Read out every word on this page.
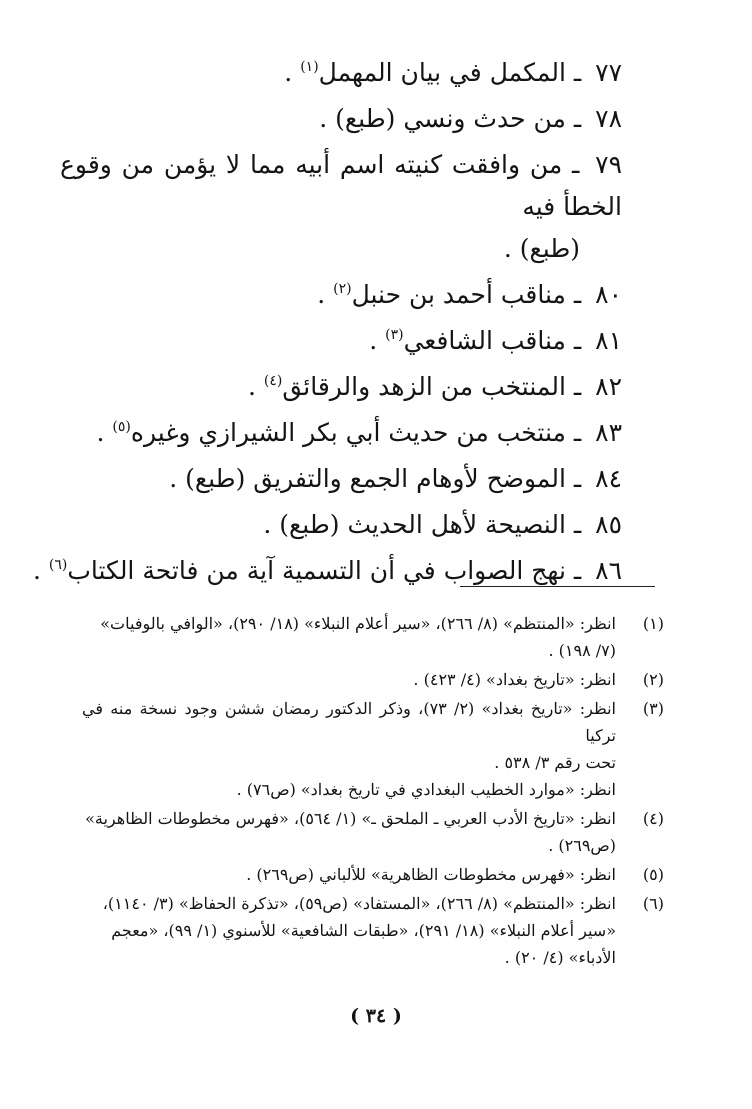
٧٧ ـ المكمل في بيان المهمل$^{(١)}$ .
٧٨ ـ من حدث ونسي (طبع) .
٧٩ ـ من وافقت كنيته اسم أبيه مما لا يؤمن من وقوع الخطأ فيه
(طبع) .
٨٠ ـ مناقب أحمد بن حنبل$^{(٢)}$ .
٨١ ـ مناقب الشافعي$^{(٣)}$ .
٨٢ ـ المنتخب من الزهد والرقائق$^{(٤)}$ .
٨٣ ـ منتخب من حديث أبي بكر الشيرازي وغيره$^{(٥)}$ .
٨٤ ـ الموضح لأوهام الجمع والتفريق (طبع) .
٨٥ ـ النصيحة لأهل الحديث (طبع) .
٨٦ ـ نهج الصواب في أن التسمية آية من فاتحة الكتاب$^{(٦)}$ .
(١)
انظر: «المنتظم» (٨/ ٢٦٦)، «سير أعلام النبلاء» (١٨/ ٢٩٠)، «الوافي بالوفيات»
(٧/ ١٩٨) .
(٢)
انظر: «تاريخ بغداد» (٤/ ٤٢٣) .
(٣)
انظر: «تاريخ بغداد» (٢/ ٧٣)، وذكر الدكتور رمضان ششن وجود نسخة منه في تركيا
تحت رقم ٣/ ٥٣٨ .
انظر: «موارد الخطيب البغدادي في تاريخ بغداد» (ص٧٦) .
(٤)
انظر: «تاريخ الأدب العربي ـ الملحق ـ» (١/ ٥٦٤)، «فهرس مخطوطات الظاهرية»
(ص٢٦٩) .
(٥)
انظر: «فهرس مخطوطات الظاهرية» للألباني (ص٢٦٩) .
(٦)
انظر: «المنتظم» (٨/ ٢٦٦)، «المستفاد» (ص٥٩)، «تذكرة الحفاظ» (٣/ ١١٤٠)،
«سير أعلام النبلاء» (١٨/ ٢٩١)، «طبقات الشافعية» للأسنوي (١/ ٩٩)، «معجم
الأدباء» (٤/ ٢٠) .
( ٣٤ )
